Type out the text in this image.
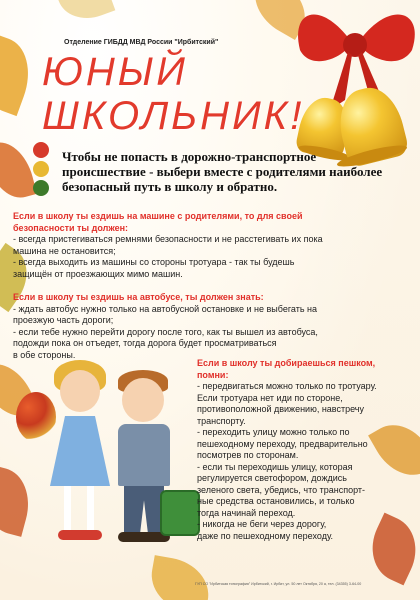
Отделение ГИБДД МВД России "Ирбитский"
ЮНЫЙ
ШКОЛЬНИК!
Чтобы не попасть в дорожно-транспортное происшествие - выбери вместе с родителями наиболее безопасный путь в школу и обратно.
Если в школу ты ездишь на машине с родителями, то для своей
безопасности ты должен:
- всегда пристегиваться ремнями безопасности и не расстегивать их пока
машина не остановится;
- всегда выходить из машины со стороны тротуара - так ты будешь
защищён от проезжающих мимо машин.
Если в школу ты ездишь на автобусе, ты должен знать:
- ждать автобус нужно только на автобусной остановке и не выбегать на
проезжую часть дороги;
- если тебе нужно перейти дорогу после того, как ты вышел из автобуса,
подожди пока он отъедет, тогда дорога будет просматриваться
в обе стороны.
Если в школу ты добираешься пешком,
помни:
- передвигаться можно только по тротуару.
Если тротуара нет иди по стороне,
противоположной движению, навстречу
транспорту.
- переходить улицу можно только по
пешеходному переходу, предварительно
посмотрев по сторонам.
- если ты переходишь улицу, которая
регулируется светофором, дождись
зеленого света, убедись, что транспорт-
ные средства остановились, и только
тогда начинай переход.
- никогда не беги через дорогу,
даже по пешеходному переходу.
ГУП СО "Ирбитская типография" Ирбитский, г. Ирбит, ул. 50 лет Октября, 20 а, тел. (34355) 3-64-00
